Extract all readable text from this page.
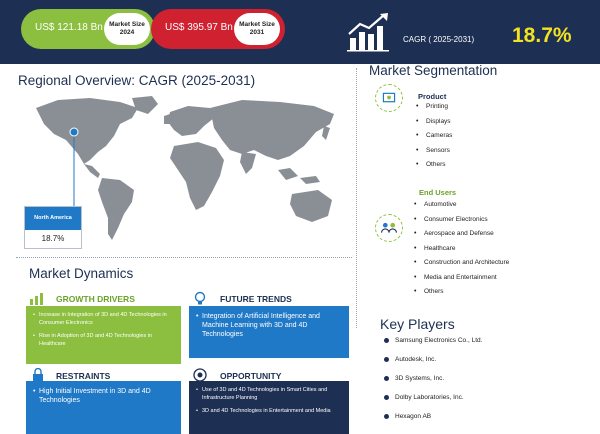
US$ 121.18 Bn Market Size 2024	US$ 395.97 Bn Market Size 2031
CAGR ( 2025-2031) 18.7%
Regional Overview: CAGR (2025-2031)
North America
18.7%
Market Dynamics
GROWTH DRIVERS
• Increase in Integration of 3D and 4D Technologies in Consumer Electronics
• Rise in Adoption of 3D and 4D Technologies in Healthcare
FUTURE TRENDS
• Integration of Artificial Intelligence and Machine Learning with 3D and 4D Technologies
RESTRAINTS
• High Initial Investment in 3D and 4D Technologies
OPPORTUNITY
• Use of 3D and 4D Technologies in Smart Cities and Infrastructure Planning
• 3D and 4D Technologies in Entertainment and Media
Market Segmentation
Product
• Printing
• Displays
• Cameras
• Sensors
• Others
End Users
• Automotive
• Consumer Electronics
• Aerospace and Defense
• Healthcare
• Construction and Architecture
• Media and Entertainment
• Others
Key Players
Samsung Electronics Co., Ltd.
Autodesk, Inc.
3D Systems, Inc.
Dolby Laboratories, Inc.
Hexagon AB
